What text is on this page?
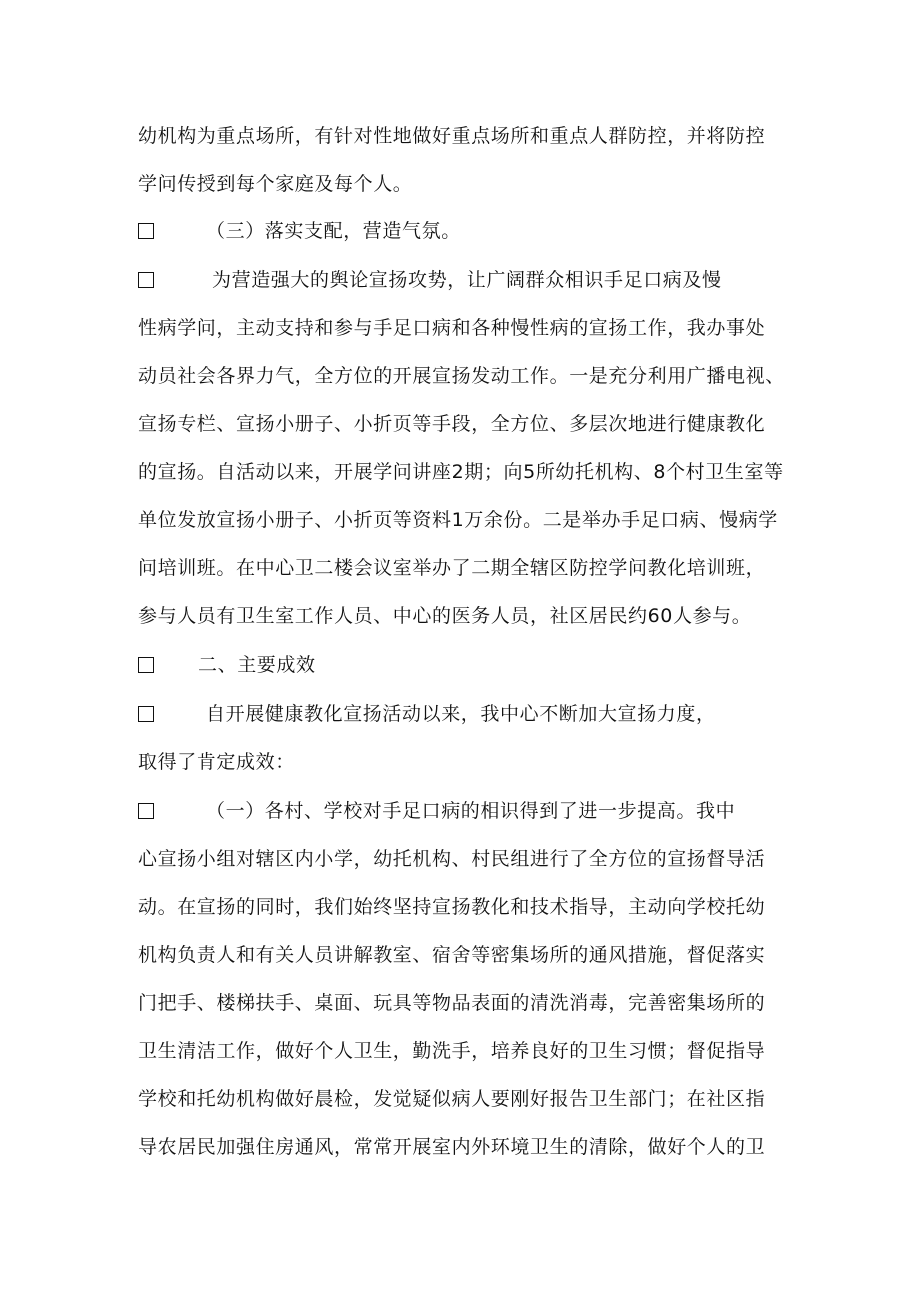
幼机构为重点场所，有针对性地做好重点场所和重点人群防控，并将防控
学问传授到每个家庭及每个人。
（三）落实支配，营造气氛。
为营造强大的舆论宣扬攻势，让广阔群众相识手足口病及慢
性病学问，主动支持和参与手足口病和各种慢性病的宣扬工作，我办事处
动员社会各界力气，全方位的开展宣扬发动工作。一是充分利用广播电视、
宣扬专栏、宣扬小册子、小折页等手段，全方位、多层次地进行健康教化
的宣扬。自活动以来，开展学问讲座2期；向5所幼托机构、8个村卫生室等
单位发放宣扬小册子、小折页等资料1万余份。二是举办手足口病、慢病学
问培训班。在中心卫二楼会议室举办了二期全辖区防控学问教化培训班，
参与人员有卫生室工作人员、中心的医务人员，社区居民约60人参与。
二、主要成效
自开展健康教化宣扬活动以来，我中心不断加大宣扬力度，
取得了肯定成效：
（一）各村、学校对手足口病的相识得到了进一步提高。我中
心宣扬小组对辖区内小学，幼托机构、村民组进行了全方位的宣扬督导活
动。在宣扬的同时，我们始终坚持宣扬教化和技术指导，主动向学校托幼
机构负责人和有关人员讲解教室、宿舍等密集场所的通风措施，督促落实
门把手、楼梯扶手、桌面、玩具等物品表面的清洗消毒，完善密集场所的
卫生清洁工作，做好个人卫生，勤洗手，培养良好的卫生习惯；督促指导
学校和托幼机构做好晨检，发觉疑似病人要刚好报告卫生部门；在社区指
导农居民加强住房通风，常常开展室内外环境卫生的清除，做好个人的卫
